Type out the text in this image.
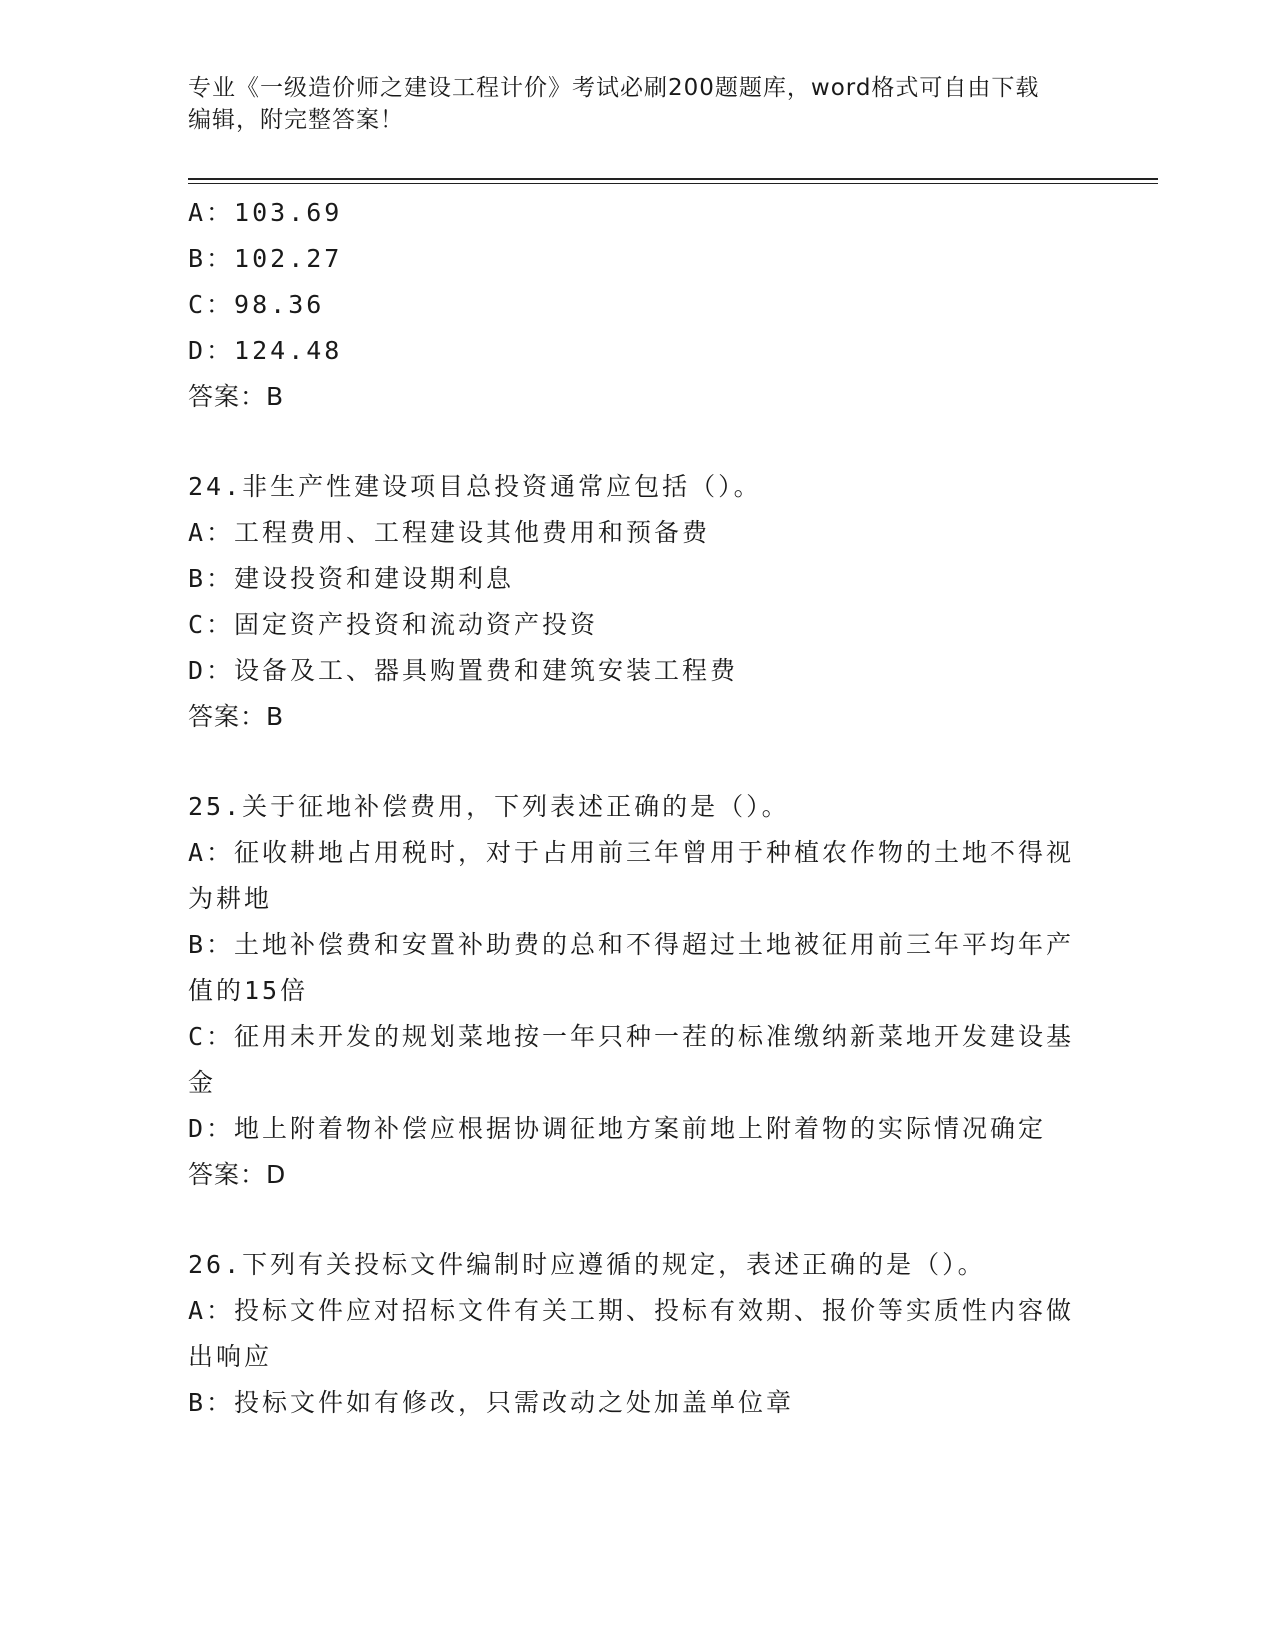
专业《一级造价师之建设工程计价》考试必刷200题题库，word格式可自由下载
编辑，附完整答案！
A：103.69
B：102.27
C：98.36
D：124.48
答案：B
24.非生产性建设项目总投资通常应包括（）。
A：工程费用、工程建设其他费用和预备费
B：建设投资和建设期利息
C：固定资产投资和流动资产投资
D：设备及工、器具购置费和建筑安装工程费
答案：B
25.关于征地补偿费用，下列表述正确的是（）。
A：征收耕地占用税时，对于占用前三年曾用于种植农作物的土地不得视为耕地
B：土地补偿费和安置补助费的总和不得超过土地被征用前三年平均年产值的15倍
C：征用未开发的规划菜地按一年只种一茬的标准缴纳新菜地开发建设基金
D：地上附着物补偿应根据协调征地方案前地上附着物的实际情况确定
答案：D
26.下列有关投标文件编制时应遵循的规定，表述正确的是（）。
A：投标文件应对招标文件有关工期、投标有效期、报价等实质性内容做出响应
B：投标文件如有修改，只需改动之处加盖单位章
